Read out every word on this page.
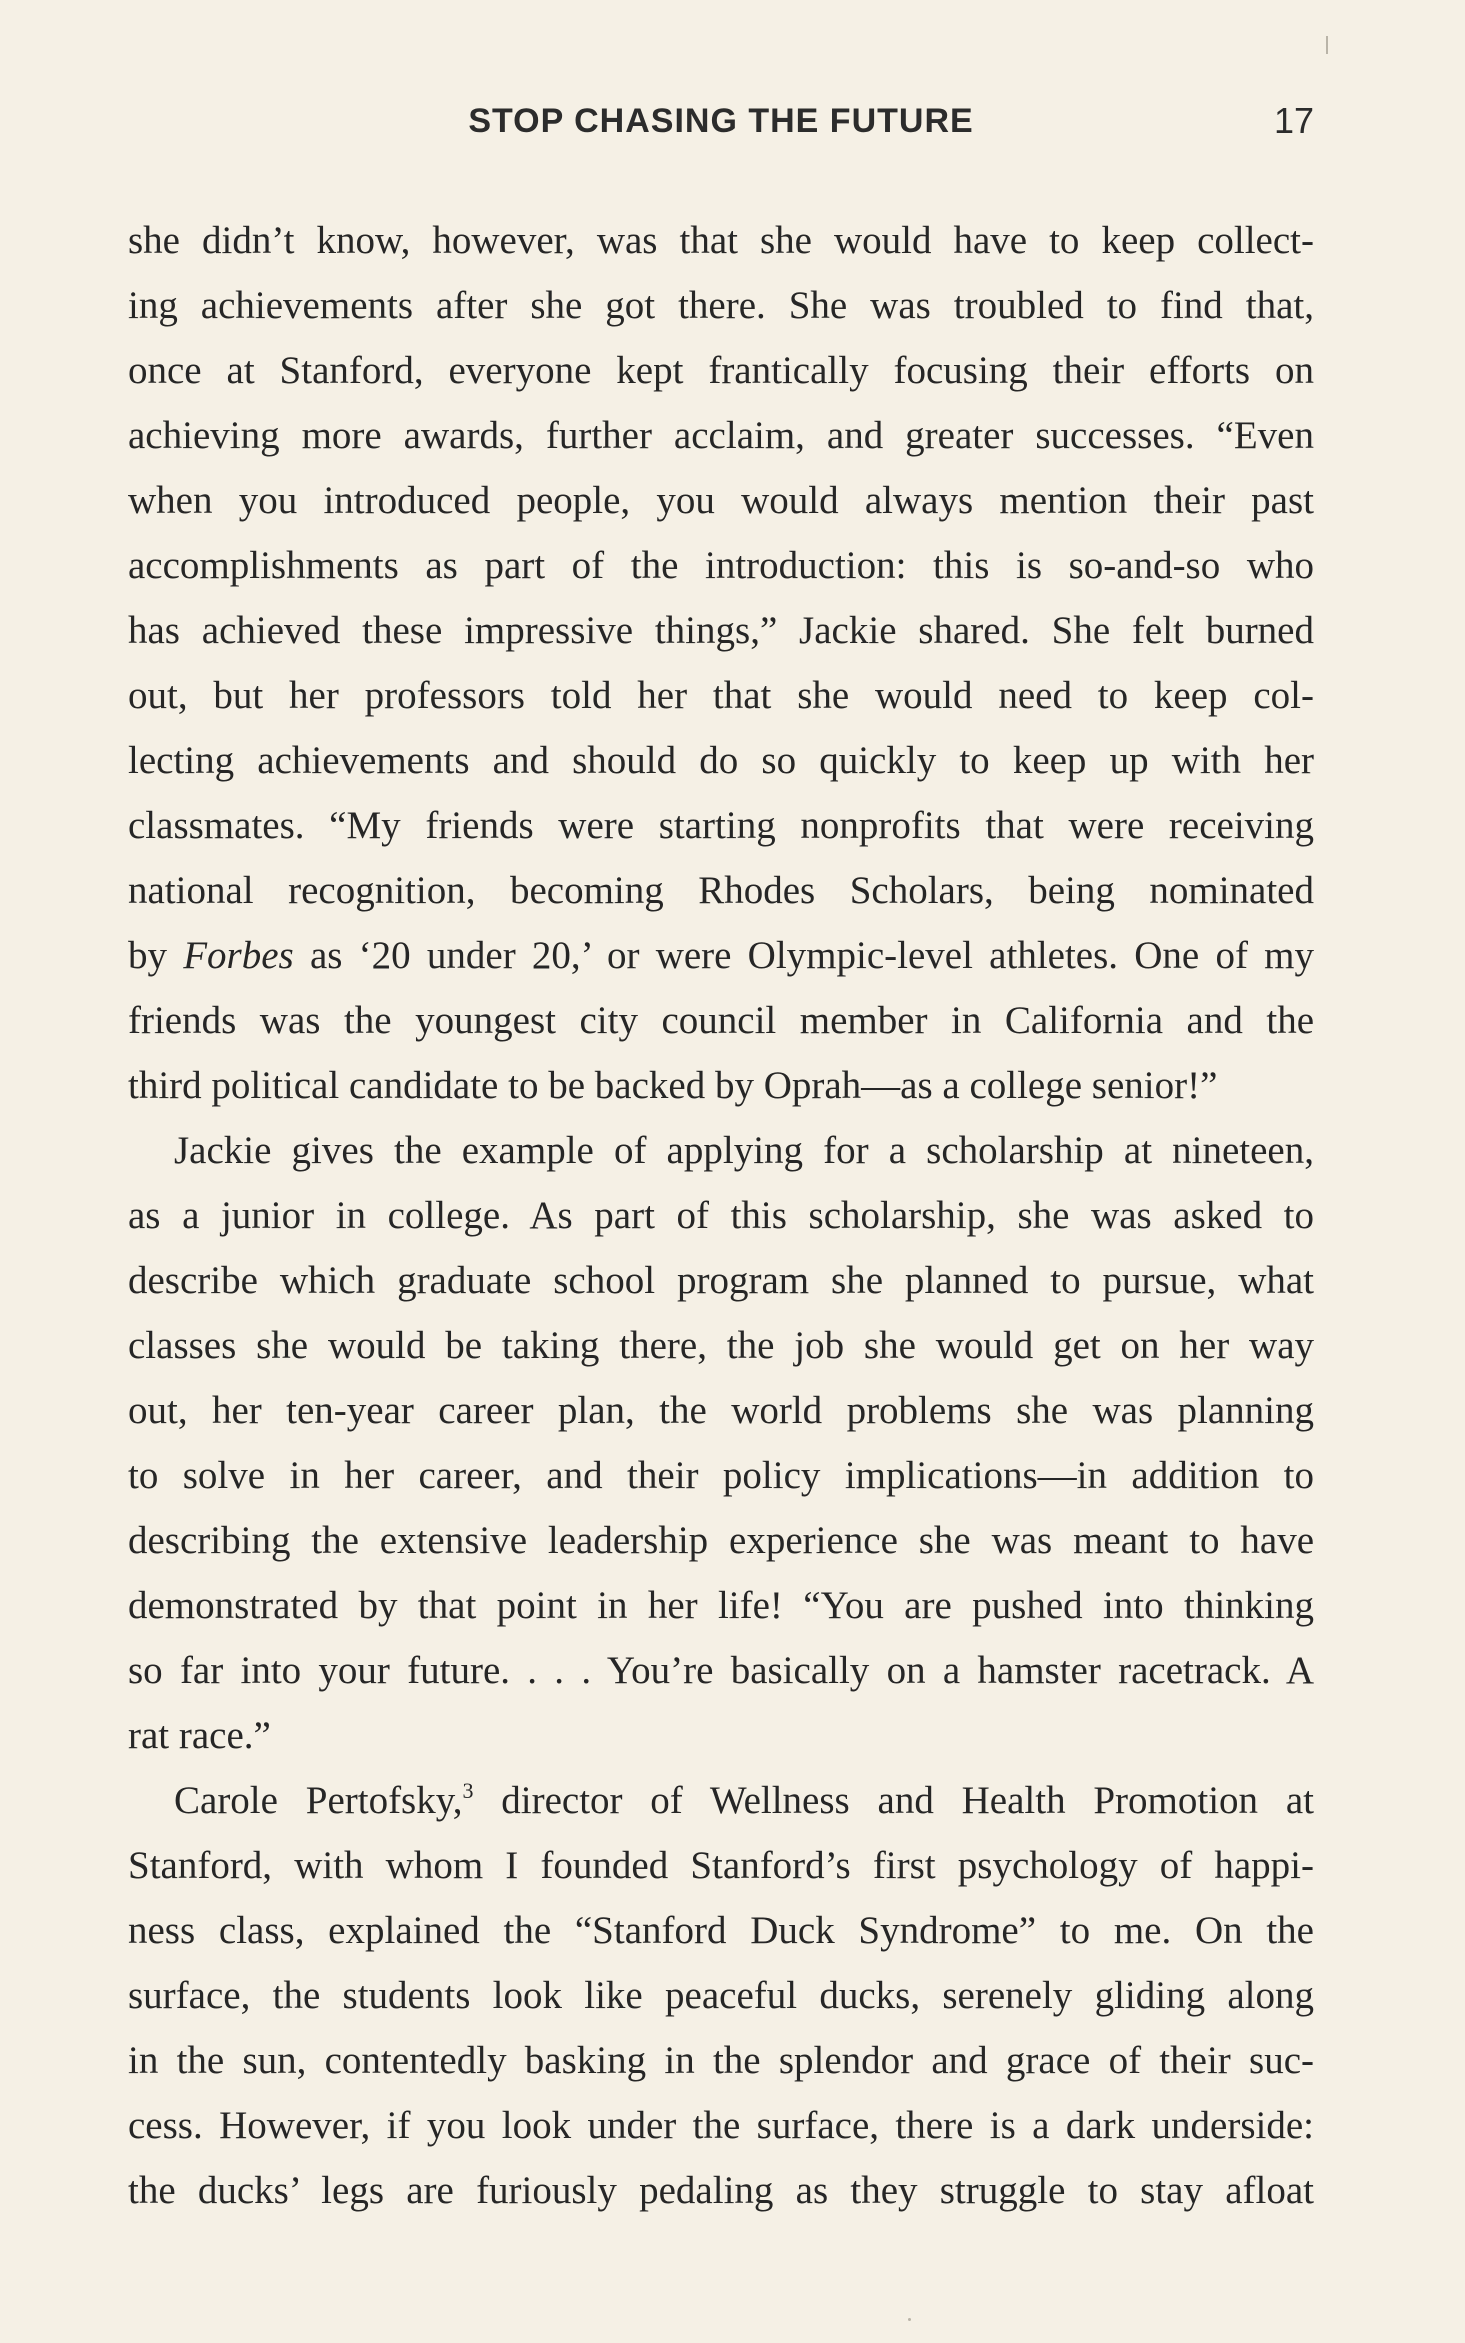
STOP CHASING THE FUTURE	17

she didn’t know, however, was that she would have to keep collect-
ing achievements after she got there. She was troubled to find that,
once at Stanford, everyone kept frantically focusing their efforts on
achieving more awards, further acclaim, and greater successes. “Even
when you introduced people, you would always mention their past
accomplishments as part of the introduction: this is so-and-so who
has achieved these impressive things,” Jackie shared. She felt burned
out, but her professors told her that she would need to keep col-
lecting achievements and should do so quickly to keep up with her
classmates. “My friends were starting nonprofits that were receiving
national recognition, becoming Rhodes Scholars, being nominated
by Forbes as ‘20 under 20,’ or were Olympic-level athletes. One of my
friends was the youngest city council member in California and the
third political candidate to be backed by Oprah—as a college senior!”

Jackie gives the example of applying for a scholarship at nineteen,
as a junior in college. As part of this scholarship, she was asked to
describe which graduate school program she planned to pursue, what
classes she would be taking there, the job she would get on her way
out, her ten-year career plan, the world problems she was planning
to solve in her career, and their policy implications—in addition to
describing the extensive leadership experience she was meant to have
demonstrated by that point in her life! “You are pushed into thinking
so far into your future. . . . You’re basically on a hamster racetrack. A
rat race.”

Carole Pertofsky,$^3$ director of Wellness and Health Promotion at
Stanford, with whom I founded Stanford’s first psychology of happi-
ness class, explained the “Stanford Duck Syndrome” to me. On the
surface, the students look like peaceful ducks, serenely gliding along
in the sun, contentedly basking in the splendor and grace of their suc-
cess. However, if you look under the surface, there is a dark underside:
the ducks’ legs are furiously pedaling as they struggle to stay afloat
